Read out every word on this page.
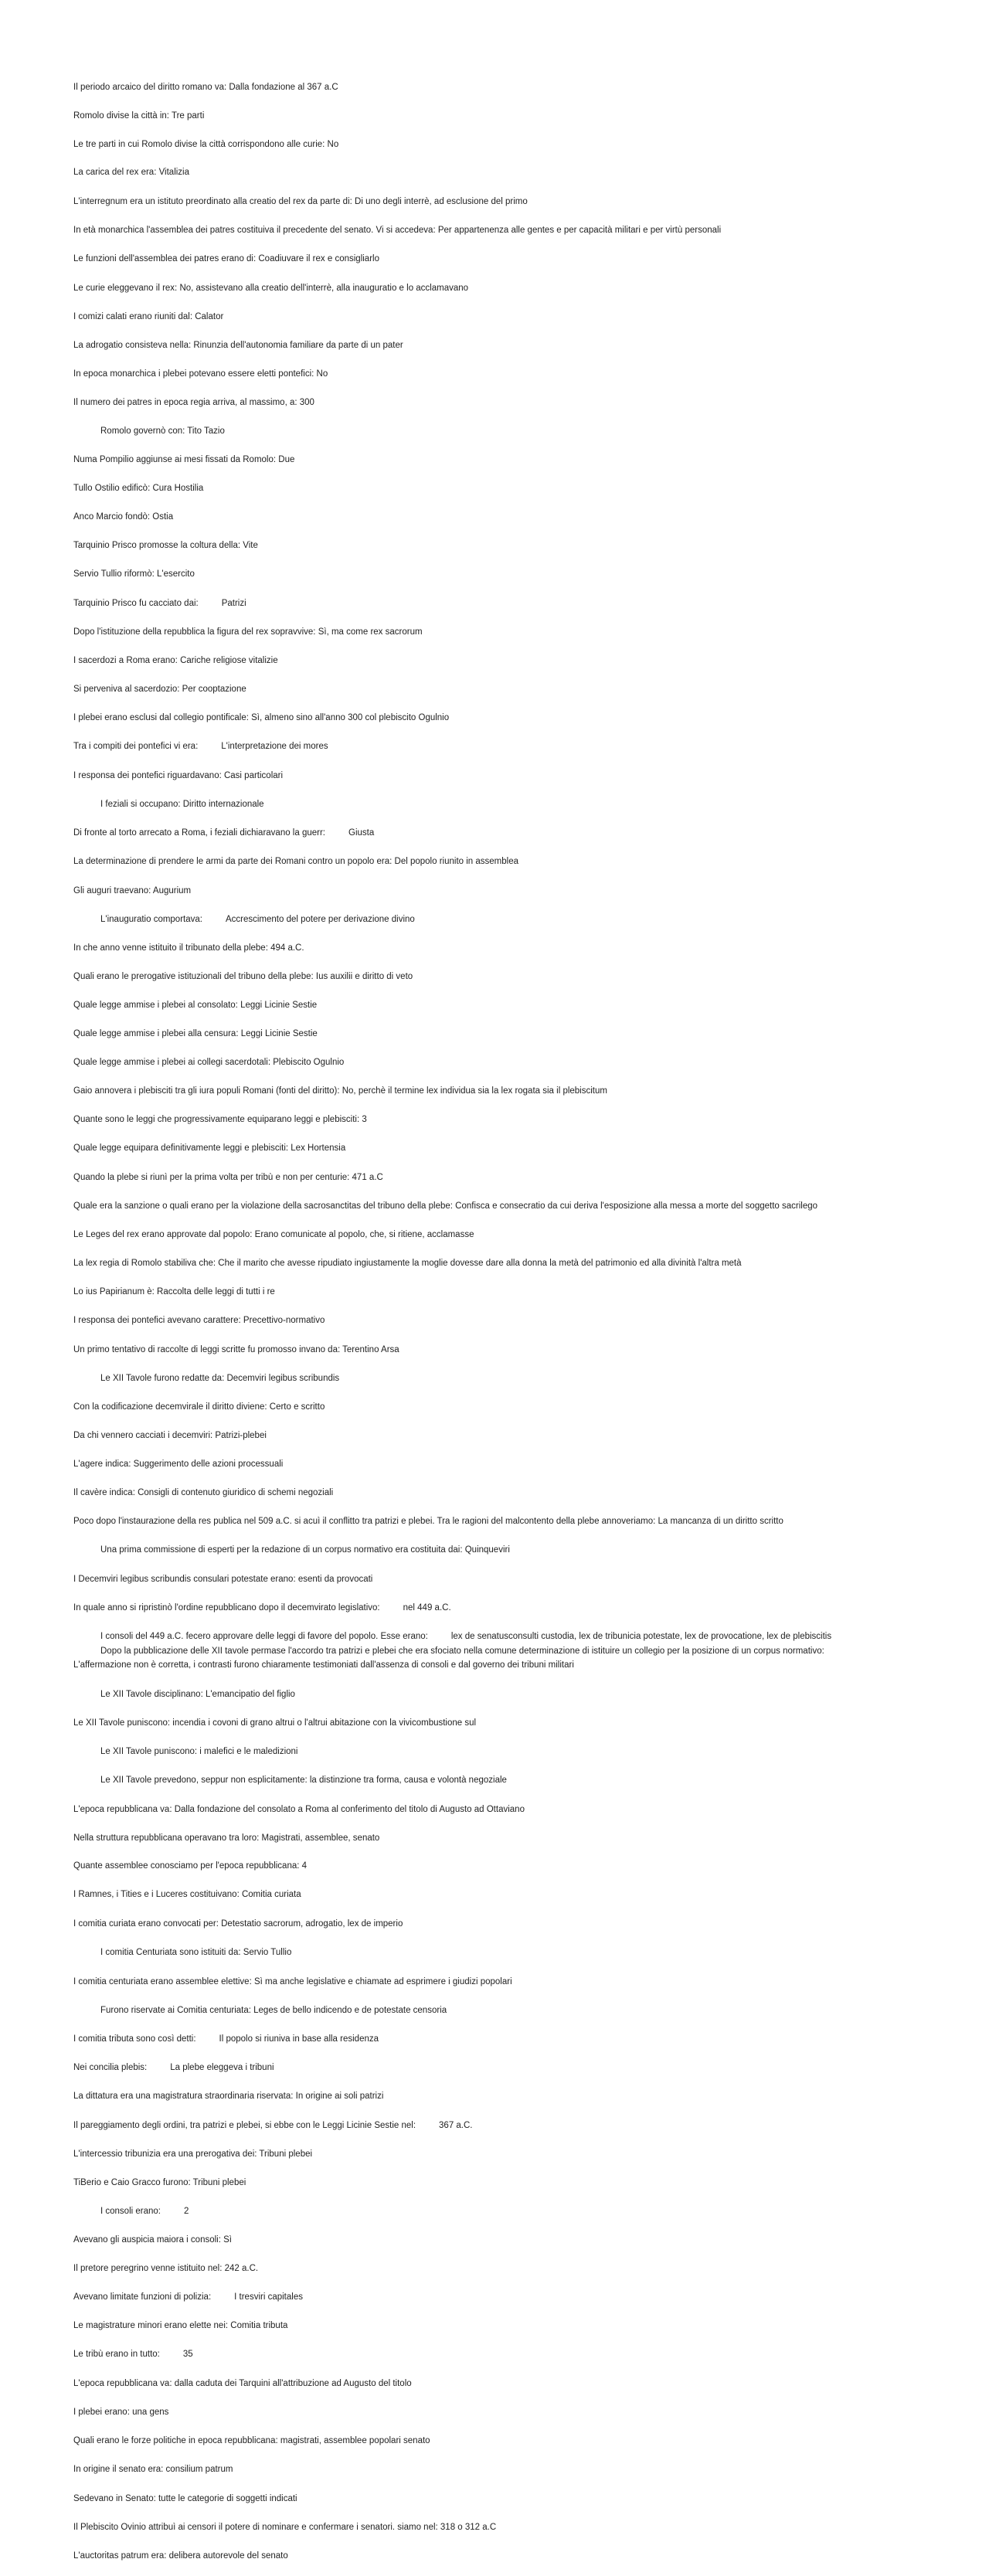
Il periodo arcaico del diritto romano va: Dalla fondazione al 367 a.C
Romolo divise la città in: Tre parti
Le tre parti in cui Romolo divise la città corrispondono alle curie: No
La carica del rex era: Vitalizia
L'interregnum era un istituto preordinato alla creatio del rex da parte di: Di uno degli interrè, ad esclusione del primo
In età monarchica l'assemblea dei patres costituiva il precedente del senato. Vi si accedeva: Per appartenenza alle gentes e per capacità militari e per virtù personali
Le funzioni dell'assemblea dei patres erano di: Coadiuvare il rex e consigliarlo
Le curie eleggevano il rex: No, assistevano alla creatio dell'interrè, alla inauguratio e lo acclamavano
I comizi calati erano riuniti dal: Calator
La adrogatio consisteva nella: Rinunzia dell'autonomia familiare da parte di un pater
In epoca monarchica i plebei potevano essere eletti pontefici: No
Il numero dei patres in epoca regia arriva, al massimo, a: 300
Romolo governò con: Tito Tazio
Numa Pompilio aggiunse ai mesi fissati da Romolo: Due
Tullo Ostilio edificò: Cura Hostilia
Anco Marcio fondò: Ostia
Tarquinio Prisco promosse la coltura della: Vite
Servio Tullio riformò: L'esercito
Tarquinio Prisco fu cacciato dai:	Patrizi
Dopo l'istituzione della repubblica la figura del rex sopravvive: Sì, ma come rex sacrorum
I sacerdozi a Roma erano: Cariche religiose vitalizie
Si perveniva al sacerdozio: Per cooptazione
I plebei erano esclusi dal collegio pontificale: Sì, almeno sino all'anno 300 col plebiscito Ogulnio
Tra i compiti dei pontefici vi era:	L'interpretazione dei mores
I responsa dei pontefici riguardavano: Casi particolari
I feziali si occupano: Diritto internazionale
Di fronte al torto arrecato a Roma, i feziali dichiaravano la guerr:	Giusta
La determinazione di prendere le armi da parte dei Romani contro un popolo era: Del popolo riunito in assemblea
Gli auguri traevano: Augurium
L'inauguratio comportava:	Accrescimento del potere per derivazione divino
In che anno venne istituito il tribunato della plebe: 494 a.C.
Quali erano le prerogative istituzionali del tribuno della plebe: Ius auxilii e diritto di veto
Quale legge ammise i plebei al consolato: Leggi Licinie Sestie
Quale legge ammise i plebei alla censura: Leggi Licinie Sestie
Quale legge ammise i plebei ai collegi sacerdotali: Plebiscito Ogulnio
Gaio annovera i plebisciti tra gli iura populi Romani (fonti del diritto): No, perchè il termine lex individua sia la lex rogata sia il plebiscitum
Quante sono le leggi che progressivamente equiparano leggi e plebisciti: 3
Quale legge equipara definitivamente leggi e plebisciti: Lex Hortensia
Quando la plebe si riunì per la prima volta per tribù e non per centurie: 471 a.C
Quale era la sanzione o quali erano per la violazione della sacrosanctitas del tribuno della plebe: Confisca e consecratio da cui deriva l'esposizione alla messa a morte del soggetto sacrilego
Le Leges del rex erano approvate dal popolo: Erano comunicate al popolo, che, si ritiene, acclamasse
La lex regia di Romolo stabiliva che: Che il marito che avesse ripudiato ingiustamente la moglie dovesse dare alla donna la metà del patrimonio ed alla divinità l'altra metà
Lo ius Papirianum è: Raccolta delle leggi di tutti i re
I responsa dei pontefici avevano carattere: Precettivo-normativo
Un primo tentativo di raccolte di leggi scritte fu promosso invano da: Terentino Arsa
Le XII Tavole furono redatte da: Decemviri legibus scribundis
Con la codificazione decemvirale il diritto diviene: Certo e scritto
Da chi vennero cacciati i decemviri: Patrizi-plebei
L'agere indica: Suggerimento delle azioni processuali
Il cavère indica: Consigli di contenuto giuridico di schemi negoziali
Poco dopo l'instaurazione della res publica nel 509 a.C. si acuì il conflitto tra patrizi e plebei. Tra le ragioni del malcontento della plebe annoveriamo: La mancanza di un diritto scritto
Una prima commissione di esperti per la redazione di un corpus normativo era costituita dai: Quinqueviri
I Decemviri legibus scribundis consulari potestate erano: esenti da provocati
In quale anno si ripristinò l'ordine repubblicano dopo il decemvirato legislativo:	nel 449 a.C.
I consoli del 449 a.C. fecero approvare delle leggi di favore del popolo. Esse erano:	lex de senatusconsulti custodia, lex de tribunicia potestate, lex de provocatione, lex de plebiscitis
Dopo la pubblicazione delle XII tavole permase l'accordo tra patrizi e plebei che era sfociato nella comune determinazione di istituire un collegio per la posizione di un corpus normativo:
L'affermazione non è corretta, i contrasti furono chiaramente testimoniati dall'assenza di consoli e dal governo dei tribuni militari
Le XII Tavole disciplinano: L'emancipatio del figlio
Le XII Tavole puniscono: incendia i covoni di grano altrui o l'altrui abitazione con la vivicombustione sul
Le XII Tavole puniscono: i malefici e le maledizioni
Le XII Tavole prevedono, seppur non esplicitamente: la distinzione tra forma, causa e volontà negoziale
L'epoca repubblicana va: Dalla fondazione del consolato a Roma al conferimento del titolo di Augusto ad Ottaviano
Nella struttura repubblicana operavano tra loro: Magistrati, assemblee, senato
Quante assemblee conosciamo per l'epoca repubblicana: 4
I Ramnes, i Tities e i Luceres costituivano: Comitia curiata
I comitia curiata erano convocati per: Detestatio sacrorum, adrogatio, lex de imperio
I comitia Centuriata sono istituiti da: Servio Tullio
I comitia centuriata erano assemblee elettive: Sì ma anche legislative e chiamate ad esprimere i giudizi popolari
Furono riservate ai Comitia centuriata: Leges de bello indicendo e de potestate censoria
I comitia tributa sono così detti:	Il popolo si riuniva in base alla residenza
Nei concilia plebis:	La plebe eleggeva i tribuni
La dittatura era una magistratura straordinaria riservata: In origine ai soli patrizi
Il pareggiamento degli ordini, tra patrizi e plebei, si ebbe con le Leggi Licinie Sestie nel:	367 a.C.
L'intercessio tribunizia era una prerogativa dei: Tribuni plebei
TiBerio e Caio Gracco furono: Tribuni plebei
I consoli erano:	2
Avevano gli auspicia maiora i consoli: Sì
Il pretore peregrino venne istituito nel: 242 a.C.
Avevano limitate funzioni di polizia:	I tresviri capitales
Le magistrature minori erano elette nei: Comitia tributa
Le tribù erano in tutto:	35
L'epoca repubblicana va: dalla caduta dei Tarquini all'attribuzione ad Augusto del titolo
I plebei erano: una gens
Quali erano le forze politiche in epoca repubblicana: magistrati, assemblee popolari senato
In origine il senato era: consilium patrum
Sedevano in Senato: tutte le categorie di soggetti indicati
Il Plebiscito Ovinio attribuì ai censori il potere di nominare e confermare i senatori. siamo nel: 318 o 312 a.C
L'auctoritas patrum era: delibera autorevole del senato
